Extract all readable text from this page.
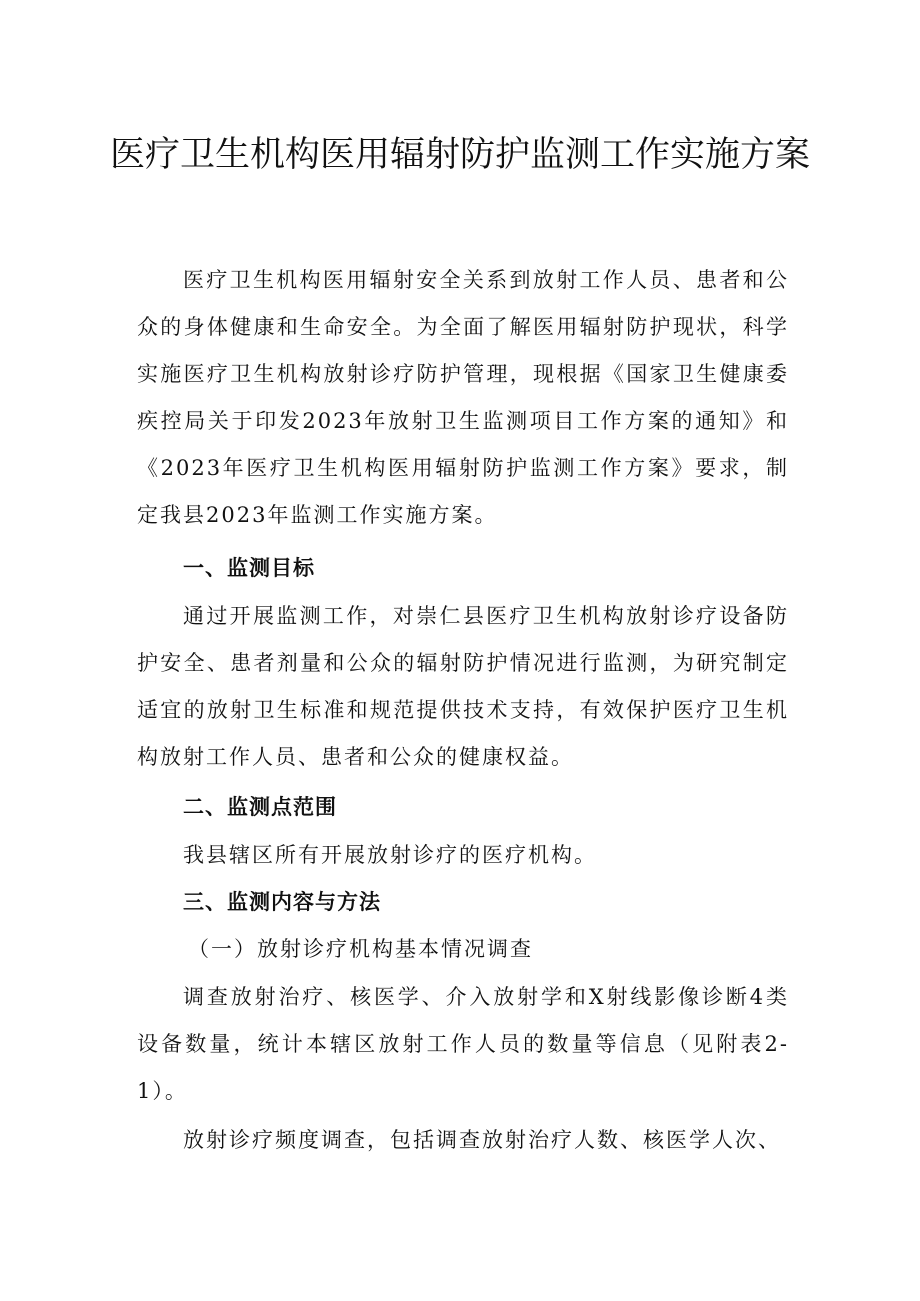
医疗卫生机构医用辐射防护监测工作实施方案
医疗卫生机构医用辐射安全关系到放射工作人员、患者和公众的身体健康和生命安全。为全面了解医用辐射防护现状，科学实施医疗卫生机构放射诊疗防护管理，现根据《国家卫生健康委疾控局关于印发2023年放射卫生监测项目工作方案的通知》和《2023年医疗卫生机构医用辐射防护监测工作方案》要求，制定我县2023年监测工作实施方案。
一、监测目标
通过开展监测工作，对崇仁县医疗卫生机构放射诊疗设备防护安全、患者剂量和公众的辐射防护情况进行监测，为研究制定适宜的放射卫生标准和规范提供技术支持，有效保护医疗卫生机构放射工作人员、患者和公众的健康权益。
二、监测点范围
我县辖区所有开展放射诊疗的医疗机构。
三、监测内容与方法
（一）放射诊疗机构基本情况调查
调查放射治疗、核医学、介入放射学和X射线影像诊断4类设备数量，统计本辖区放射工作人员的数量等信息（见附表2-1）。
放射诊疗频度调查，包括调查放射治疗人数、核医学人次、
